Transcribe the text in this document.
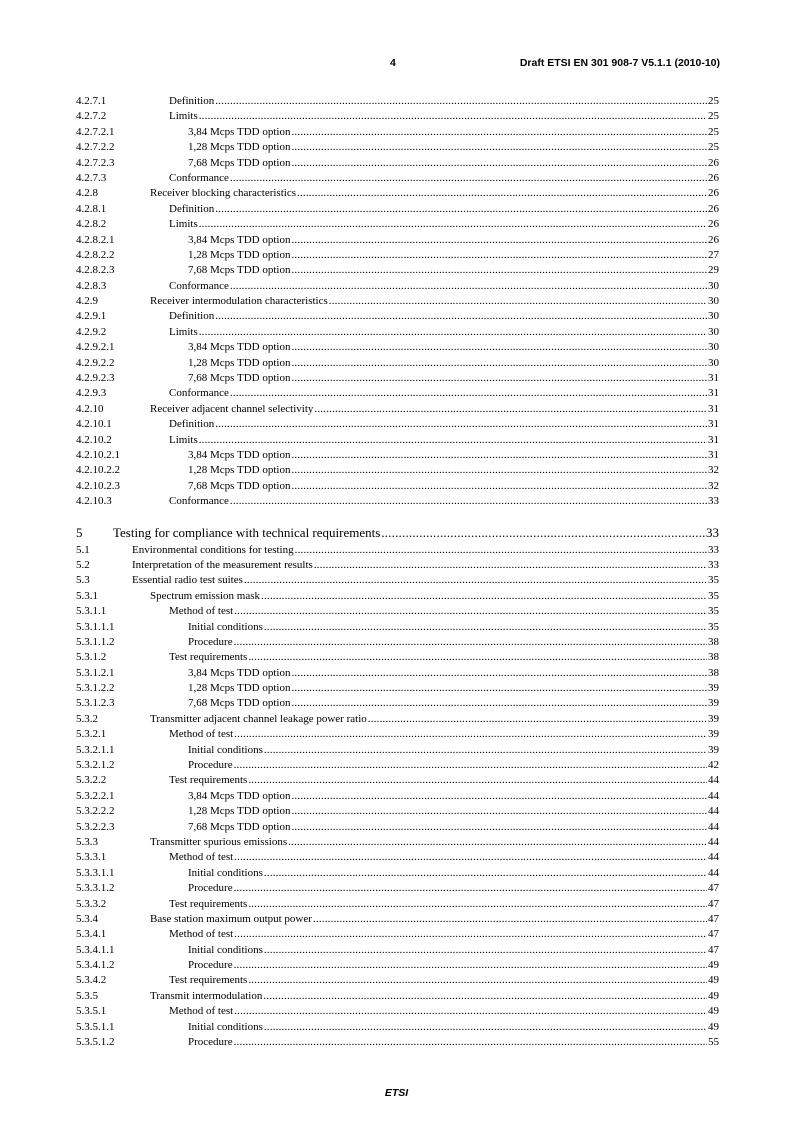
4	Draft ETSI EN 301 908-7 V5.1.1 (2010-10)
4.2.7.1	Definition .....	25
4.2.7.2	Limits .....	25
4.2.7.2.1	3,84 Mcps TDD option .....	25
4.2.7.2.2	1,28 Mcps TDD option .....	25
4.2.7.2.3	7,68 Mcps TDD option .....	26
4.2.7.3	Conformance .....	26
4.2.8	Receiver blocking characteristics .....	26
4.2.8.1	Definition .....	26
4.2.8.2	Limits .....	26
4.2.8.2.1	3,84 Mcps TDD option .....	26
4.2.8.2.2	1,28 Mcps TDD option .....	27
4.2.8.2.3	7,68 Mcps TDD option .....	29
4.2.8.3	Conformance .....	30
4.2.9	Receiver intermodulation characteristics .....	30
4.2.9.1	Definition .....	30
4.2.9.2	Limits .....	30
4.2.9.2.1	3,84 Mcps TDD option .....	30
4.2.9.2.2	1,28 Mcps TDD option .....	30
4.2.9.2.3	7,68 Mcps TDD option .....	31
4.2.9.3	Conformance .....	31
4.2.10	Receiver adjacent channel selectivity .....	31
4.2.10.1	Definition .....	31
4.2.10.2	Limits .....	31
4.2.10.2.1	3,84 Mcps TDD option .....	31
4.2.10.2.2	1,28 Mcps TDD option .....	32
4.2.10.2.3	7,68 Mcps TDD option .....	32
4.2.10.3	Conformance .....	33
5	Testing for compliance with technical requirements .....	33
5.1	Environmental conditions for testing .....	33
5.2	Interpretation of the measurement results .....	33
5.3	Essential radio test suites .....	35
5.3.1	Spectrum emission mask .....	35
5.3.1.1	Method of test .....	35
5.3.1.1.1	Initial conditions .....	35
5.3.1.1.2	Procedure .....	38
5.3.1.2	Test requirements .....	38
5.3.1.2.1	3,84 Mcps TDD option .....	38
5.3.1.2.2	1,28 Mcps TDD option .....	39
5.3.1.2.3	7,68 Mcps TDD option .....	39
5.3.2	Transmitter adjacent channel leakage power ratio .....	39
5.3.2.1	Method of test .....	39
5.3.2.1.1	Initial conditions .....	39
5.3.2.1.2	Procedure .....	42
5.3.2.2	Test requirements .....	44
5.3.2.2.1	3,84 Mcps TDD option .....	44
5.3.2.2.2	1,28 Mcps TDD option .....	44
5.3.2.2.3	7,68 Mcps TDD option .....	44
5.3.3	Transmitter spurious emissions .....	44
5.3.3.1	Method of test .....	44
5.3.3.1.1	Initial conditions .....	44
5.3.3.1.2	Procedure .....	47
5.3.3.2	Test requirements .....	47
5.3.4	Base station maximum output power .....	47
5.3.4.1	Method of test .....	47
5.3.4.1.1	Initial conditions .....	47
5.3.4.1.2	Procedure .....	49
5.3.4.2	Test requirements .....	49
5.3.5	Transmit intermodulation .....	49
5.3.5.1	Method of test .....	49
5.3.5.1.1	Initial conditions .....	49
5.3.5.1.2	Procedure .....	55
ETSI
